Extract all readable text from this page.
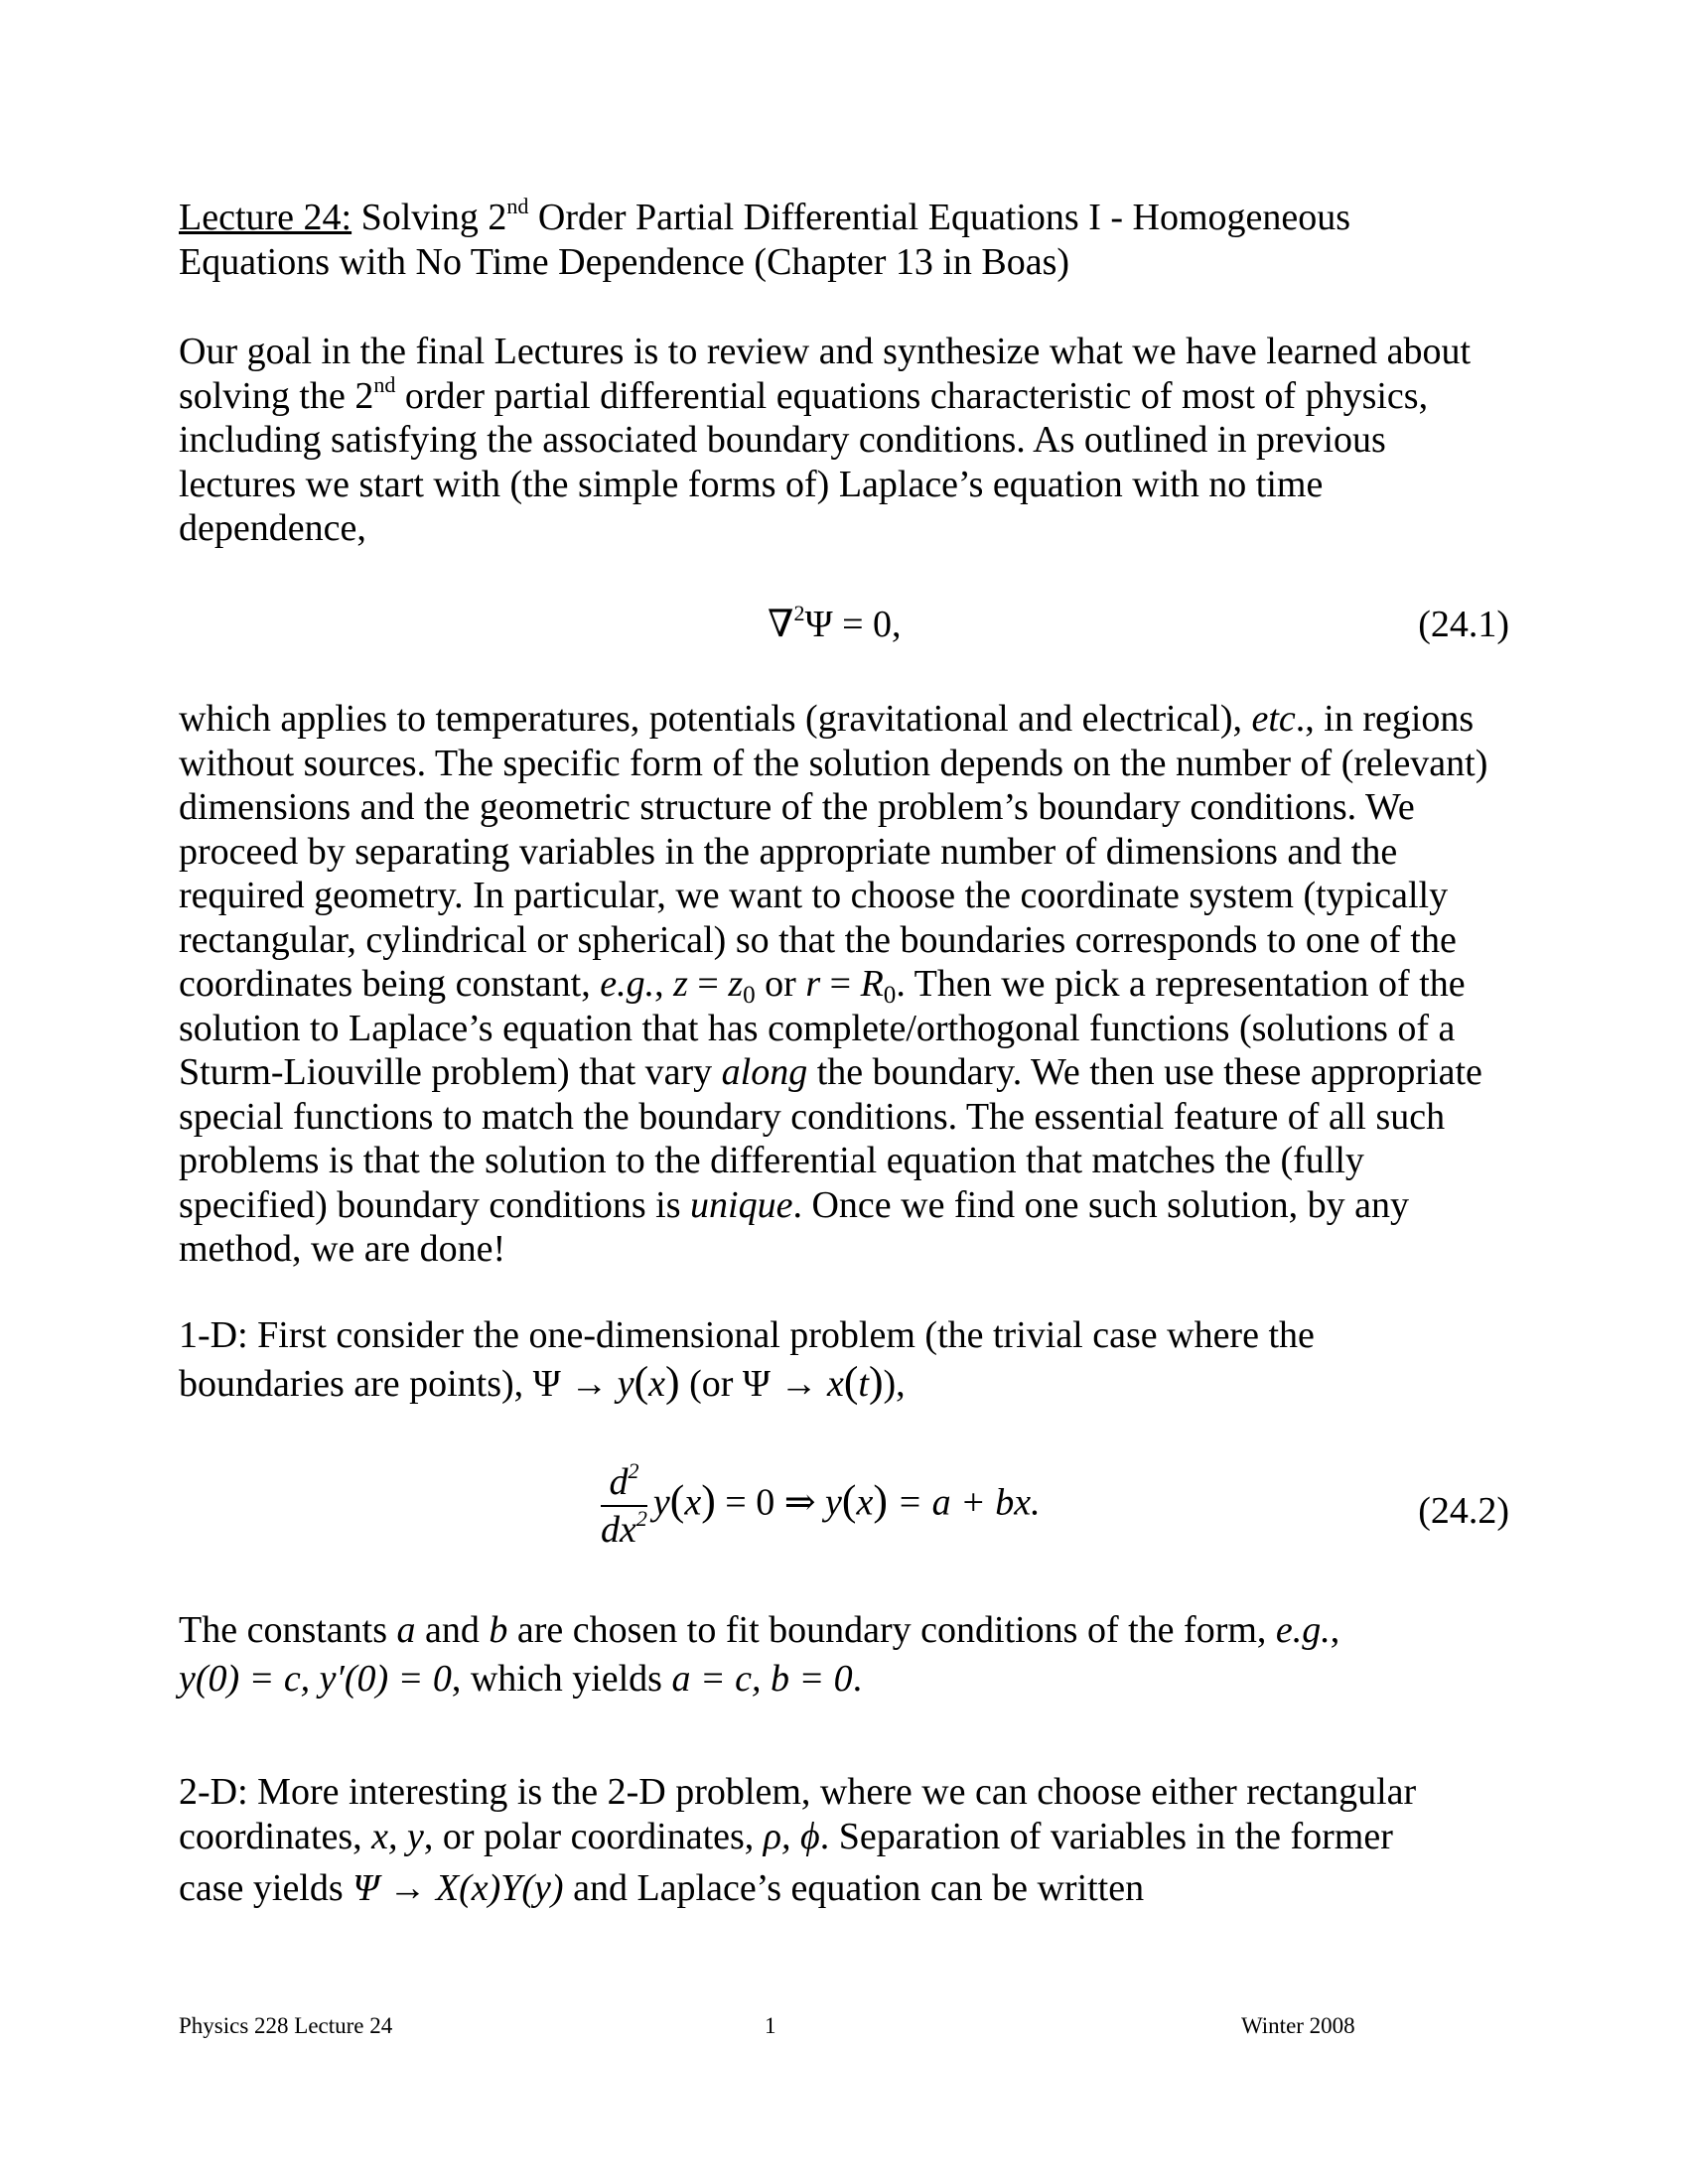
Lecture 24: Solving 2nd Order Partial Differential Equations I - Homogeneous

Equations with No Time Dependence (Chapter 13 in Boas)

Our goal in the final Lectures is to review and synthesize what we have learned about solving the 2nd order partial differential equations characteristic of most of physics, including satisfying the associated boundary conditions. As outlined in previous lectures we start with (the simple forms of) Laplace’s equation with no time dependence,

∇$^2$Ψ = 0,	(24.1)

which applies to temperatures, potentials (gravitational and electrical), etc., in regions without sources. The specific form of the solution depends on the number of (relevant) dimensions and the geometric structure of the problem’s boundary conditions. We proceed by separating variables in the appropriate number of dimensions and the required geometry. In particular, we want to choose the coordinate system (typically rectangular, cylindrical or spherical) so that the boundaries corresponds to one of the coordinates being constant, e.g., $z = z_0$ or $r = R_0$. Then we pick a representation of the solution to Laplace’s equation that has complete/orthogonal functions (solutions of a Sturm-Liouville problem) that vary along the boundary. We then use these appropriate special functions to match the boundary conditions. The essential feature of all such problems is that the solution to the differential equation that matches the (fully specified) boundary conditions is unique. Once we find one such solution, by any method, we are done!

1-D: First consider the one-dimensional problem (the trivial case where the

boundaries are points), Ψ → y(x) (or Ψ → x(t)),

$\frac{d^2}{dx^2} y(x) = 0$ ⇒ y(x) = a + bx.	(24.2)

The constants a and b are chosen to fit boundary conditions of the form, e.g.,

y(0) = c, y′(0) = 0, which yields a = c, b = 0.

2-D: More interesting is the 2-D problem, where we can choose either rectangular

coordinates, x, y, or polar coordinates, ρ, ϕ. Separation of variables in the former

case yields Ψ → X(x)Y(y) and Laplace’s equation can be written

Physics 228 Lecture 24	1	Winter 2008
